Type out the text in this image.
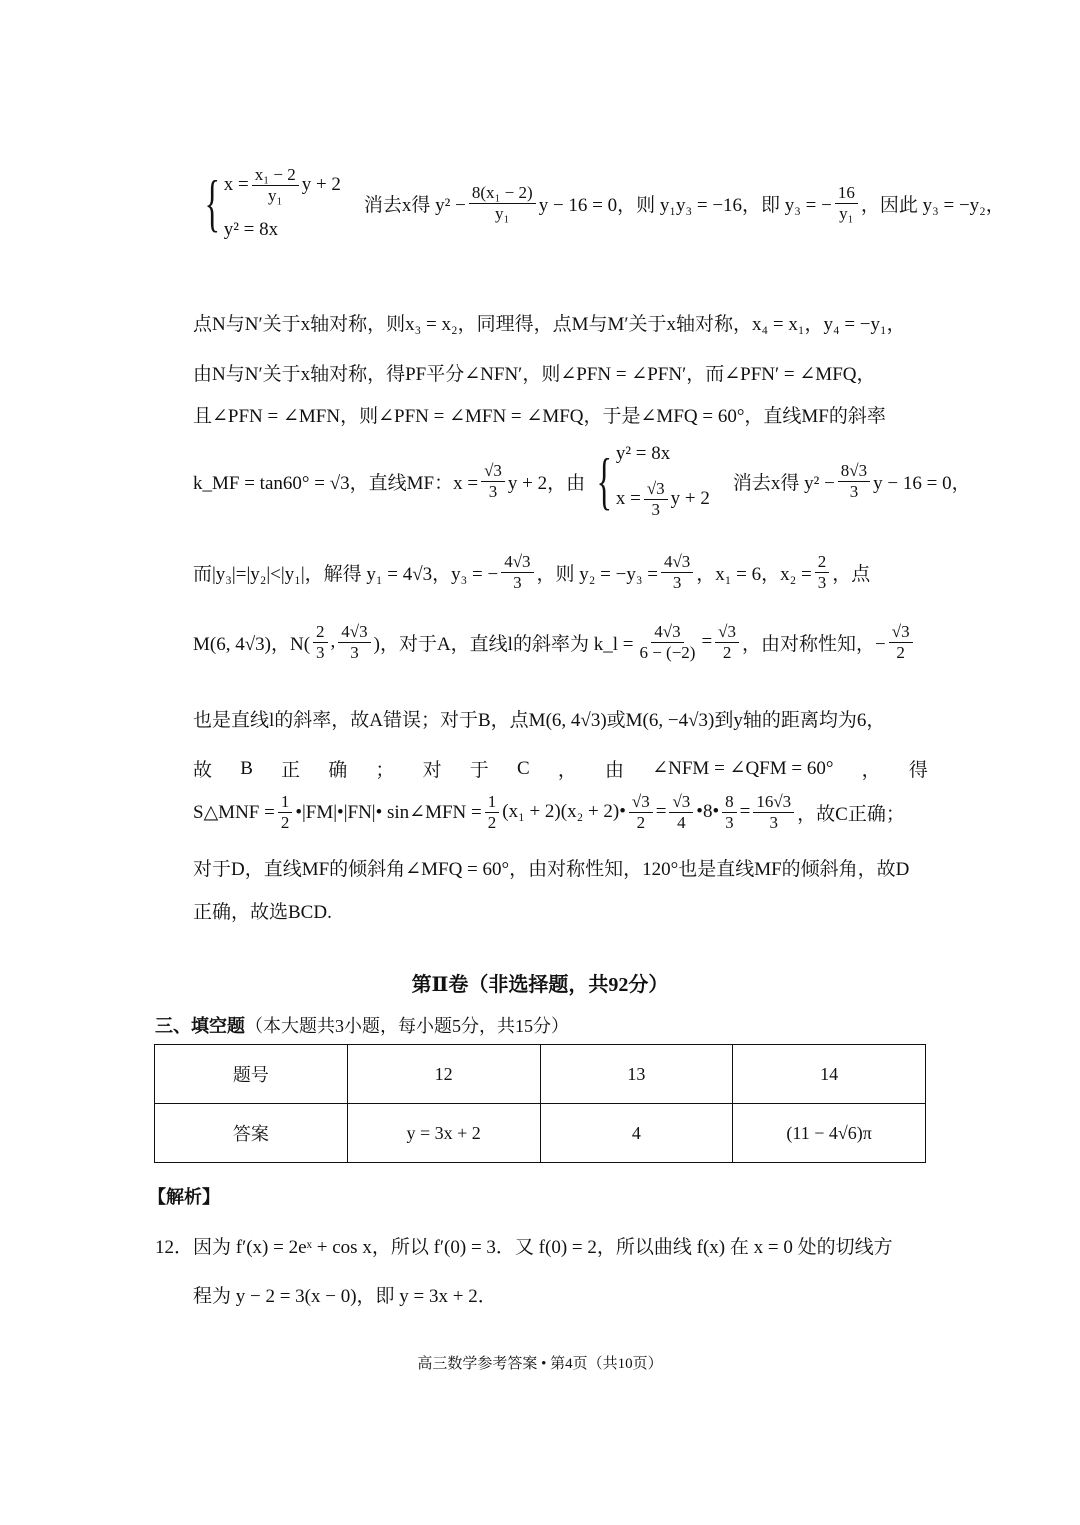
{ $x = \frac{\text{x₁ − 2}}{\text{y₁}}$ y + 2
y² = 8x
　消去x得 $y^2 - \frac{\text{8(x₁ − 2)}}{\text{y₁}}$ y − 16 = 0，则 y₁y₃ = −16，即 y₃ = − $\frac{16}{\text{y₁}}$ ，因此 y₃ = −y₂，
点N与N′关于x轴对称，则x₃ = x₂，同理得，点M与M′关于x轴对称，x₄ = x₁，y₄ = −y₁，
由N与N′关于x轴对称，得PF平分∠NFN′，则∠PFN = ∠PFN′，而∠PFN′ = ∠MFQ，
且∠PFN = ∠MFN，则∠PFN = ∠MFN = ∠MFQ，于是∠MFQ = 60°，直线MF的斜率
k_MF = tan60° = √3，直线MF：$x = \frac{√3}{3}$ y + 2，由 { y² = 8x
$x = \frac{√3}{3}$ y + 2
　消去x得 $y^2 - \frac{8√3}{3}$ y − 16 = 0，
而|y₃|=|y₂|<|y₁|，解得 y₁ = 4√3，y₃ = − $\frac{4√3}{3}$ ，则 $y_2 = -y_3 = \frac{4√3}{3}$ ，x₁ = 6，$x_2 = \frac{2}{3}$ ，点
M(6, 4√3)，$N( \frac{2}{3}$ , $\frac{4√3}{3}$ )，对于A，直线l的斜率为 k_l = $\frac{4√3}{6 - (-2)} = \frac{√3}{2}$ ，由对称性知，− $\frac{√3}{2}$
也是直线l的斜率，故A错误；对于B，点M(6, 4√3)或M(6, −4√3)到y轴的距离均为6，
故 B 正 确 ； 对 于 C ， 由 ∠NFM = ∠QFM = 60° ， 得
S△MNF = $\frac{1}{2}$ •|FM|•|FN|• sin∠MFN = $\frac{1}{2} (x_1 + 2)(x_2$ + 2)• $\frac{√3}{2} = \frac{√3}{4}$ •8• $\frac{8}{3} = \frac{16√3}{3}$ ，故C正确；
对于D，直线MF的倾斜角∠MFQ = 60°，由对称性知，120°也是直线MF的倾斜角，故D
正确，故选BCD.
第Ⅱ卷（非选择题，共92分）
三、填空题（本大题共3小题，每小题5分，共15分）
题号	12	13	14
答案	y = 3x + 2	4	(11 − 4√6)π
【解析】
12．因为 f′(x) = 2eˣ + cos x，所以 f′(0) = 3．又 f(0) = 2，所以曲线 f(x) 在 x = 0 处的切线方
程为 y − 2 = 3(x − 0)，即 y = 3x + 2．
高三数学参考答案 • 第4页（共10页）
